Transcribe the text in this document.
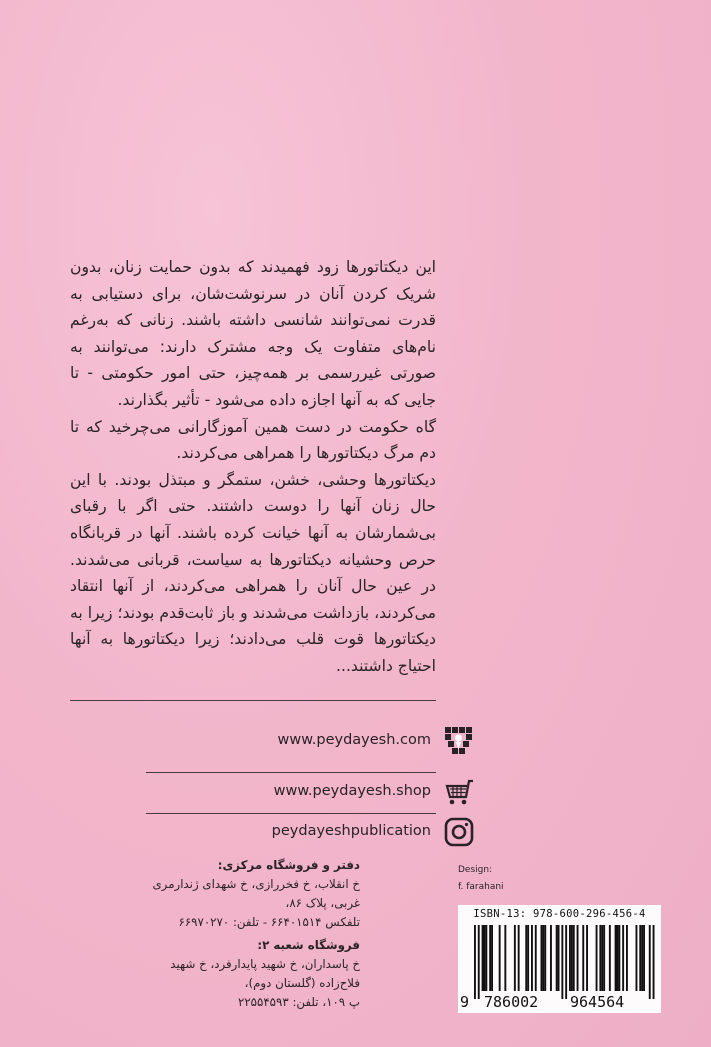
این دیکتاتورها زود فهمیدند که بدون حمایت زنان، بدون شریک کردن آنان در سرنوشت‌شان، برای دستیابی به قدرت نمی‌توانند شانسی داشته باشند. زنانی که به‌رغم نام‌های متفاوت یک وجه مشترک دارند: می‌توانند به صورتی غیررسمی بر همه‌چیز، حتی امور حکومتی - تا جایی که به آنها اجازه داده می‌شود - تأثیر بگذارند.

گاه حکومت در دست همین آموزگارانی می‌چرخید که تا دم مرگ دیکتاتورها را همراهی می‌کردند.

دیکتاتورها وحشی، خشن، ستمگر و مبتذل بودند. با این حال زنان آنها را دوست داشتند. حتی اگر با رقبای بی‌شمارشان به آنها خیانت کرده باشند. آنها در قربانگاه حرص وحشیانه دیکتاتورها به سیاست، قربانی می‌شدند. در عین حال آنان را همراهی می‌کردند، از آنها انتقاد می‌کردند، بازداشت می‌شدند و باز ثابت‌قدم بودند؛ زیرا به دیکتاتورها قوت قلب می‌دادند؛ زیرا دیکتاتورها به آنها احتیاج داشتند...

www.peydayesh.com
www.peydayesh.shop
peydayeshpublication
دفتر و فروشگاه مرکزی:
خ انقلاب، خ فخررازی، خ شهدای ژندارمری غربی، پلاک ۸۶،
تلفکس ۶۶۴۰۱۵۱۴ - تلفن: ۶۶۹۷۰۲۷۰
فروشگاه شعبه ۲:
خ پاسداران، خ شهید پایدارفرد، خ شهید فلاح‌زاده (گلستان دوم)،
پ ۱۰۹، تلفن: ۲۲۵۵۴۵۹۳
Design:
f. farahani
ISBN-13: 978-600-296-456-4
9 786002 964564
